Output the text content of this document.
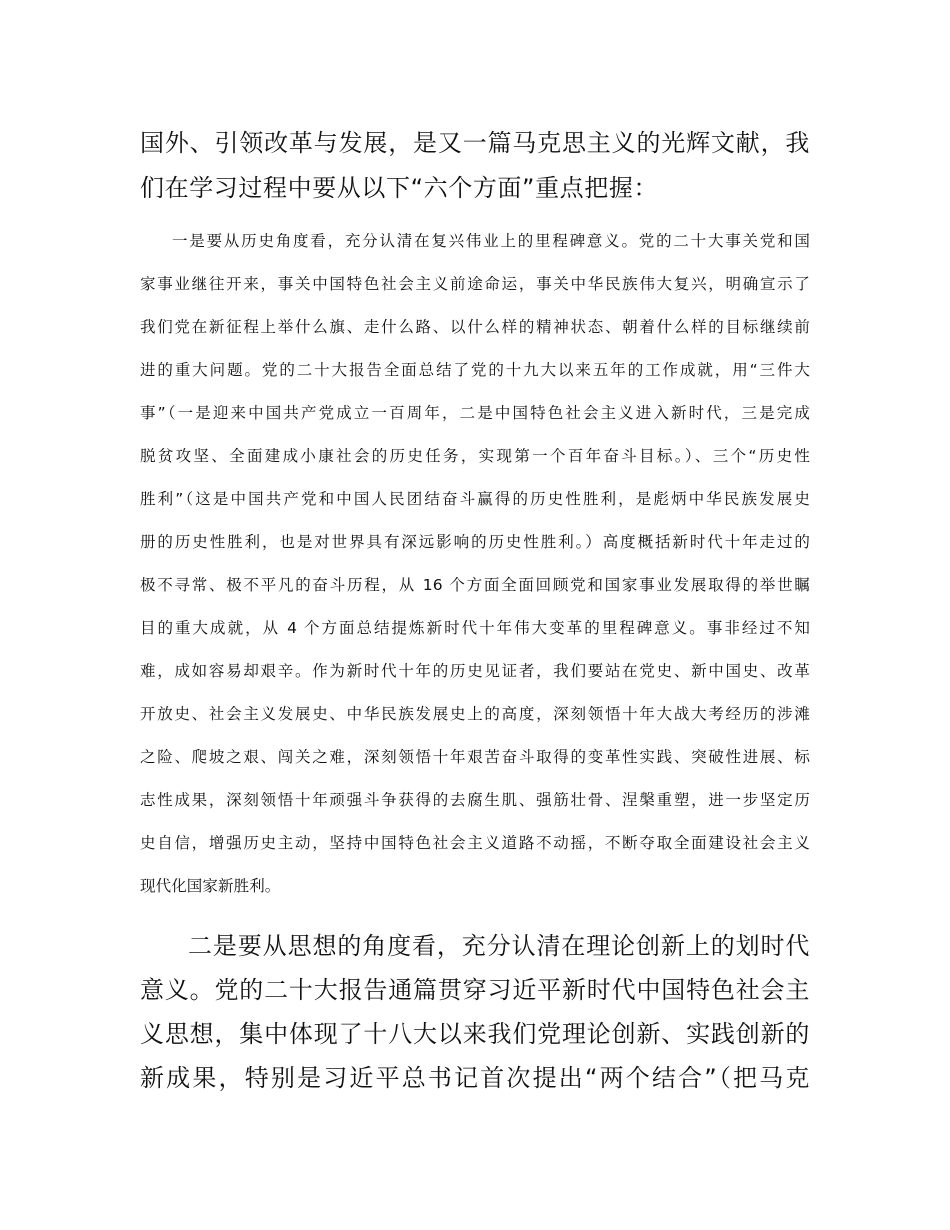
国外、引领改革与发展，是又一篇马克思主义的光辉文献，我

们在学习过程中要从以下“六个方面”重点把握：

一是要从历史角度看，充分认清在复兴伟业上的里程碑意义。党的二十大事关党和国

家事业继往开来，事关中国特色社会主义前途命运，事关中华民族伟大复兴，明确宣示了

我们党在新征程上举什么旗、走什么路、以什么样的精神状态、朝着什么样的目标继续前

进的重大问题。党的二十大报告全面总结了党的十九大以来五年的工作成就，用“三件大

事”（一是迎来中国共产党成立一百周年，二是中国特色社会主义进入新时代，三是完成

脱贫攻坚、全面建成小康社会的历史任务，实现第一个百年奋斗目标。）、三个“历史性

胜利”（这是中国共产党和中国人民团结奋斗赢得的历史性胜利，是彪炳中华民族发展史

册的历史性胜利，也是对世界具有深远影响的历史性胜利。）高度概括新时代十年走过的

极不寻常、极不平凡的奋斗历程，从 16 个方面全面回顾党和国家事业发展取得的举世瞩

目的重大成就，从 4 个方面总结提炼新时代十年伟大变革的里程碑意义。事非经过不知

难，成如容易却艰辛。作为新时代十年的历史见证者，我们要站在党史、新中国史、改革

开放史、社会主义发展史、中华民族发展史上的高度，深刻领悟十年大战大考经历的涉滩

之险、爬坡之艰、闯关之难，深刻领悟十年艰苦奋斗取得的变革性实践、突破性进展、标

志性成果，深刻领悟十年顽强斗争获得的去腐生肌、强筋壮骨、涅槃重塑，进一步坚定历

史自信，增强历史主动，坚持中国特色社会主义道路不动摇，不断夺取全面建设社会主义

现代化国家新胜利。

二是要从思想的角度看，充分认清在理论创新上的划时代

意义。党的二十大报告通篇贯穿习近平新时代中国特色社会主

义思想，集中体现了十八大以来我们党理论创新、实践创新的

新成果，特别是习近平总书记首次提出“两个结合”（把马克
